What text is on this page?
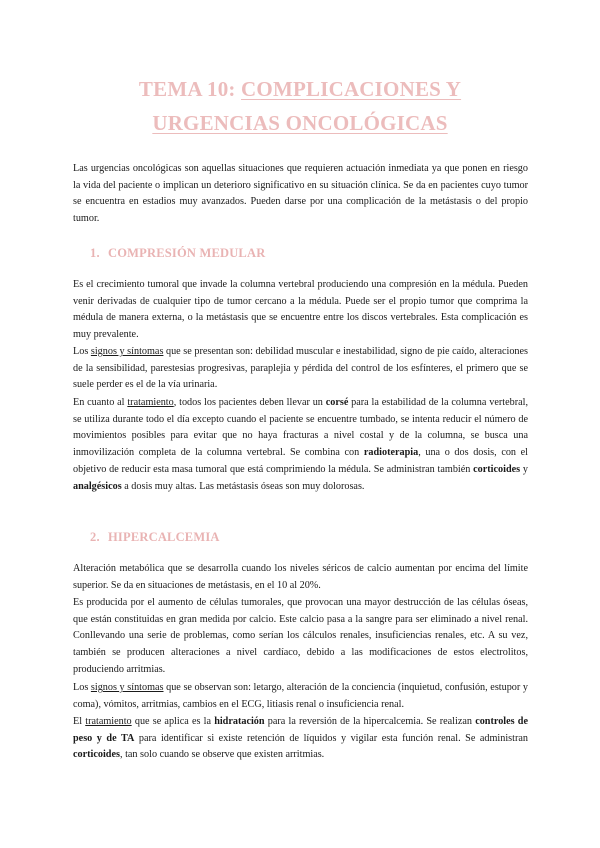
TEMA 10: COMPLICACIONES Y
URGENCIAS ONCOLÓGICAS

Las urgencias oncológicas son aquellas situaciones que requieren actuación inmediata ya que ponen en riesgo la vida del paciente o implican un deterioro significativo en su situación clínica. Se da en pacientes cuyo tumor se encuentra en estadios muy avanzados. Pueden darse por una complicación de la metástasis o del propio tumor.

1. COMPRESIÓN MEDULAR

Es el crecimiento tumoral que invade la columna vertebral produciendo una compresión en la médula. Pueden venir derivadas de cualquier tipo de tumor cercano a la médula. Puede ser el propio tumor que comprima la médula de manera externa, o la metástasis que se encuentre entre los discos vertebrales. Esta complicación es muy prevalente.

Los signos y síntomas que se presentan son: debilidad muscular e inestabilidad, signo de pie caído, alteraciones de la sensibilidad, parestesias progresivas, paraplejia y pérdida del control de los esfínteres, el primero que se suele perder es el de la vía urinaria.

En cuanto al tratamiento, todos los pacientes deben llevar un corsé para la estabilidad de la columna vertebral, se utiliza durante todo el día excepto cuando el paciente se encuentre tumbado, se intenta reducir el número de movimientos posibles para evitar que no haya fracturas a nivel costal y de la columna, se busca una inmovilización completa de la columna vertebral. Se combina con radioterapia, una o dos dosis, con el objetivo de reducir esta masa tumoral que está comprimiendo la médula. Se administran también corticoides y analgésicos a dosis muy altas. Las metástasis óseas son muy dolorosas.

2. HIPERCALCEMIA

Alteración metabólica que se desarrolla cuando los niveles séricos de calcio aumentan por encima del límite superior. Se da en situaciones de metástasis, en el 10 al 20%.

Es producida por el aumento de células tumorales, que provocan una mayor destrucción de las células óseas, que están constituidas en gran medida por calcio. Este calcio pasa a la sangre para ser eliminado a nivel renal. Conllevando una serie de problemas, como serían los cálculos renales, insuficiencias renales, etc. A su vez, también se producen alteraciones a nivel cardíaco, debido a las modificaciones de estos electrolitos, produciendo arritmias.

Los signos y síntomas que se observan son: letargo, alteración de la conciencia (inquietud, confusión, estupor y coma), vómitos, arritmias, cambios en el ECG, litiasis renal o insuficiencia renal.

El tratamiento que se aplica es la hidratación para la reversión de la hipercalcemia. Se realizan controles de peso y de TA para identificar si existe retención de líquidos y vigilar esta función renal. Se administran corticoides, tan solo cuando se observe que existen arritmias.
